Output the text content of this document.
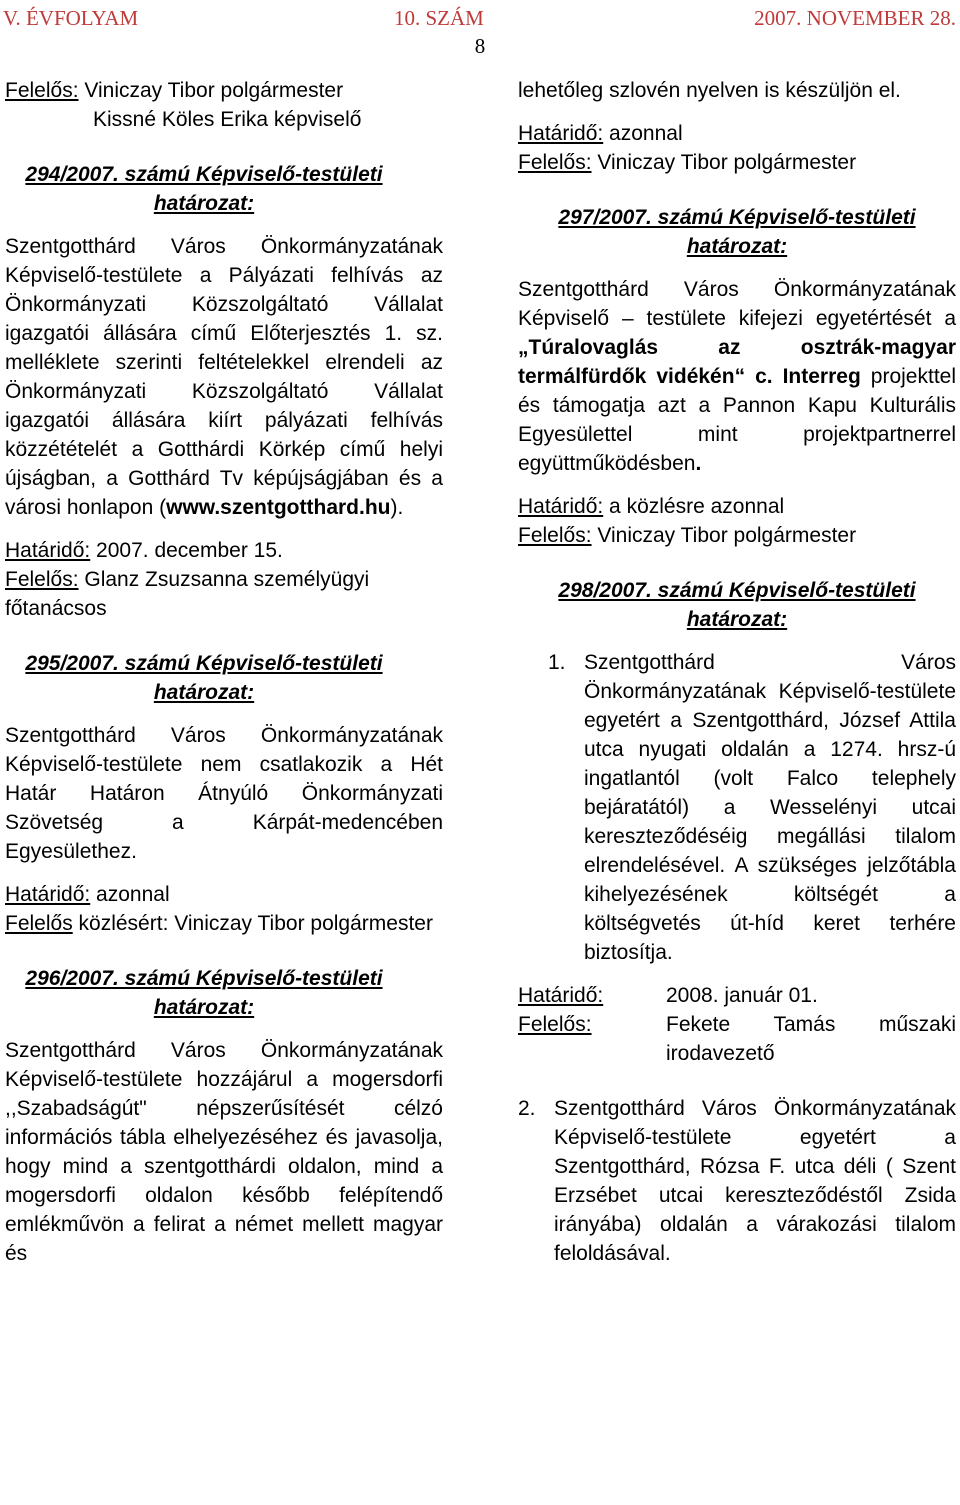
V. ÉVFOLYAM	10. SZÁM	2007. NOVEMBER 28.
8

Felelős: Viniczay Tibor polgármester

Kissné Köles Erika képviselő

294/2007. számú Képviselő-testületi határozat:

Szentgotthárd Város Önkormányzatának Képviselő-testülete a Pályázati felhívás az Önkormányzati Közszolgáltató Vállalat igazgatói állására című Előterjesztés 1. sz. melléklete szerinti feltételekkel elrendeli az Önkormányzati Közszolgáltató Vállalat igazgatói állására kiírt pályázati felhívás közzétételét a Gotthárdi Körkép című helyi újságban, a Gotthárd Tv képújságjában és a városi honlapon (www.szentgotthard.hu).

Határidő: 2007. december 15.

Felelős: Glanz Zsuzsanna személyügyi főtanácsos

295/2007. számú Képviselő-testületi határozat:

Szentgotthárd Város Önkormányzatának Képviselő-testülete nem csatlakozik a Hét Határ Határon Átnyúló Önkormányzati Szövetség a Kárpát-medencében Egyesülethez.

Határidő: azonnal

Felelős közlésért: Viniczay Tibor polgármester

296/2007. számú Képviselő-testületi határozat:

Szentgotthárd Város Önkormányzatának Képviselő-testülete hozzájárul a mogersdorfi ,,Szabadságút" népszerűsítését célzó információs tábla elhelyezéséhez és javasolja, hogy mind a szentgotthárdi oldalon, mind a mogersdorfi oldalon később felépítendő emlékművön a felirat a német mellett magyar és

lehetőleg szlovén nyelven is készüljön el.

Határidő: azonnal

Felelős: Viniczay Tibor polgármester

297/2007. számú Képviselő-testületi határozat:

Szentgotthárd Város Önkormányzatának Képviselő – testülete kifejezi egyetértését a „Túralovaglás az osztrák-magyar termálfürdők vidékén“ c. Interreg projekttel és támogatja azt a Pannon Kapu Kulturális Egyesülettel mint projektpartnerrel együttműködésben.

Határidő: a közlésre azonnal

Felelős: Viniczay Tibor polgármester

298/2007. számú Képviselő-testületi határozat:
1. Szentgotthárd Város Önkormányzatának Képviselő-testülete egyetért a Szentgotthárd, József Attila utca nyugati oldalán a 1274. hrsz-ú ingatlantól (volt Falco telephely bejáratától) a Wesselényi utcai kereszteződéséig megállási tilalom elrendelésével. A szükséges jelzőtábla kihelyezésének költségét a költségvetés út-híd keret terhére biztosítja.

Határidő:	2008. január 01.
Felelős:	Fekete Tamás műszaki irodavezető
2. Szentgotthárd Város Önkormányzatának Képviselő-testülete egyetért a Szentgotthárd, Rózsa F. utca déli ( Szent Erzsébet utcai kereszteződéstől Zsida irányába) oldalán a várakozási tilalom feloldásával.
